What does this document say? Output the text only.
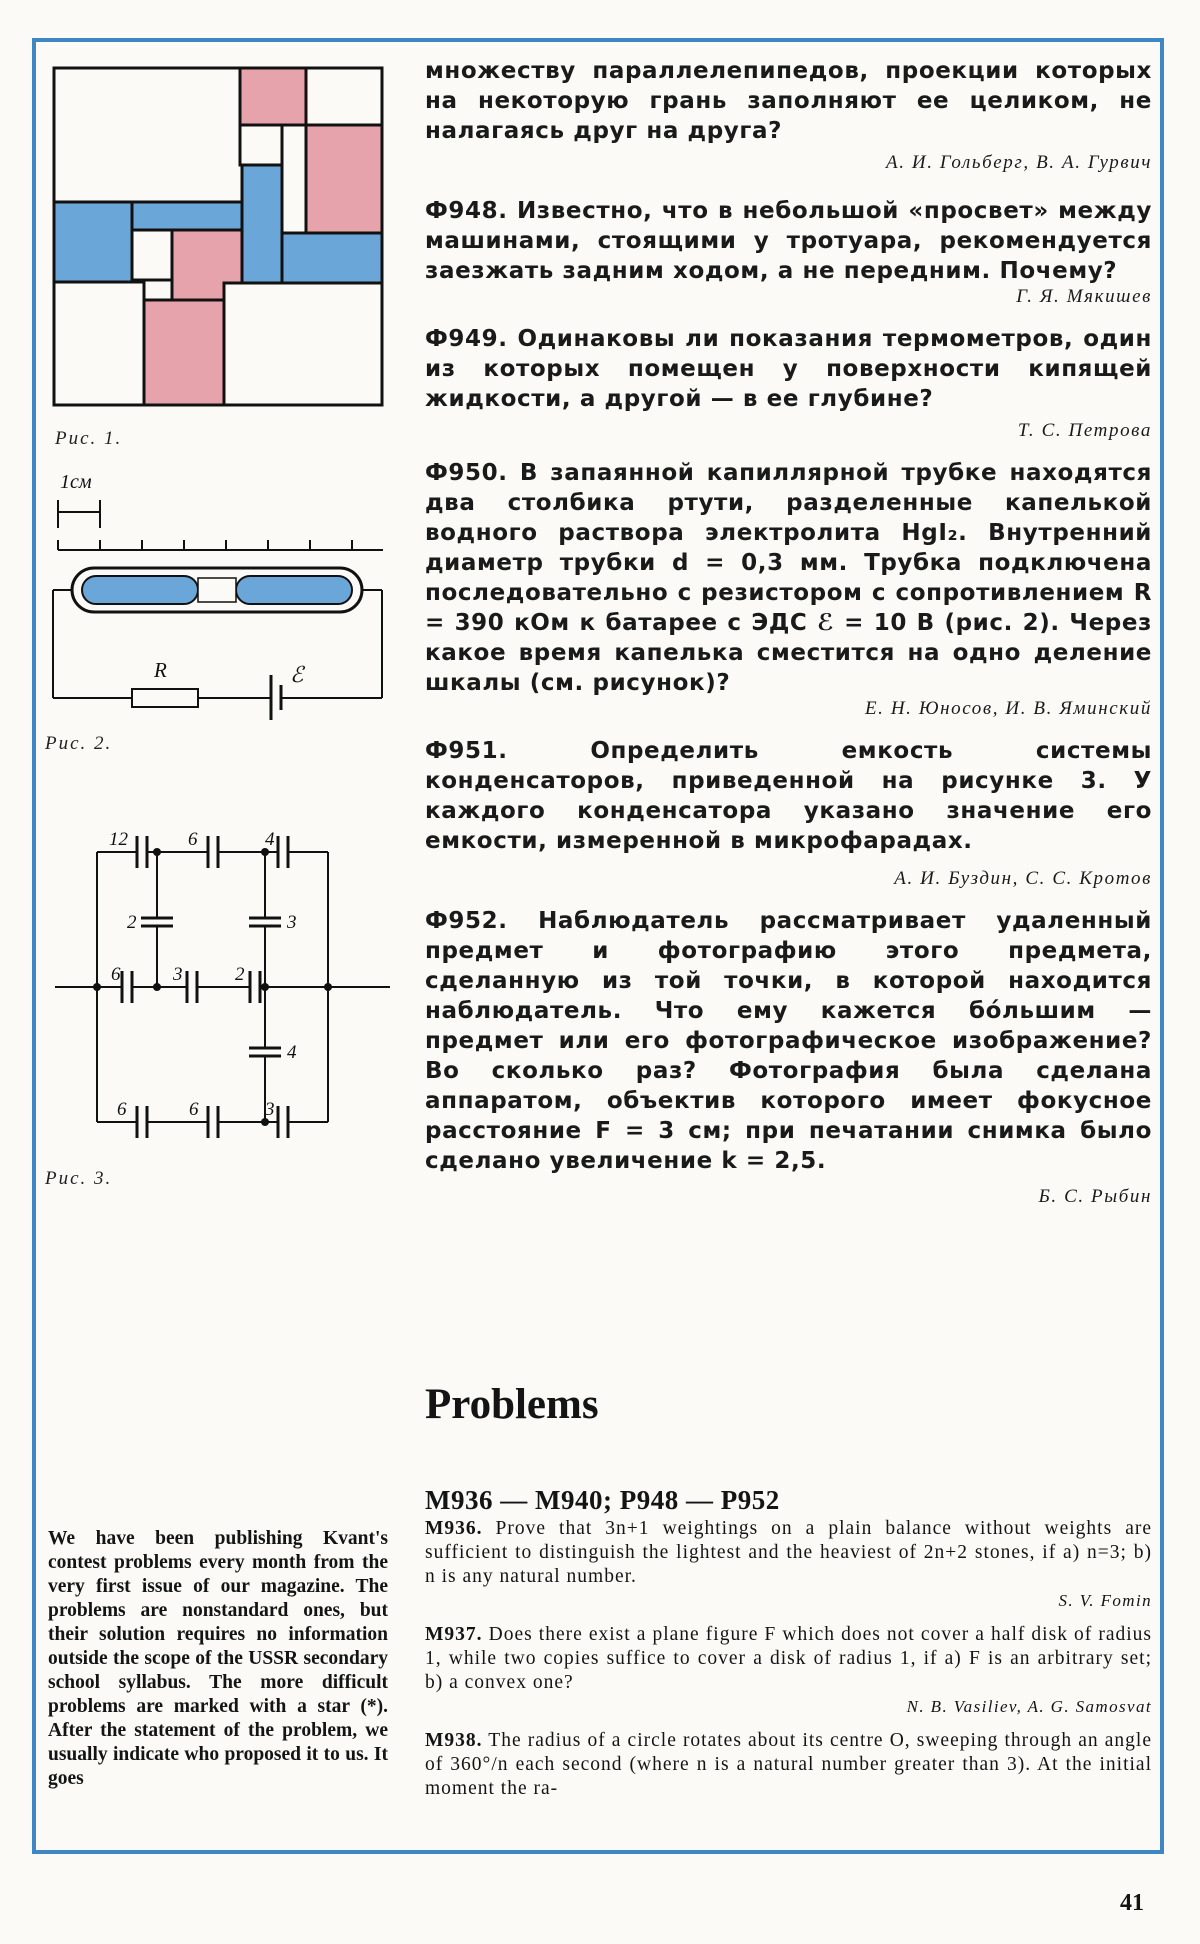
Рис. 1.
1см
R	ℰ
Рис. 2.
12	6	4
2	3
6	3	2
4
6	6	3
Рис. 3.

множеству параллелепипедов, проекции которых на некоторую грань заполняют ее целиком, не налагаясь друг на друга?

А. И. Гольберг, В. А. Гурвич

Ф948. Известно, что в небольшой «просвет» между машинами, стоящими у тротуара, рекомендуется заезжать задним ходом, а не передним. Почему?

Г. Я. Мякишев

Ф949. Одинаковы ли показания термометров, один из которых помещен у поверхности кипящей жидкости, а другой — в ее глубине?

Т. С. Петрова

Ф950. В запаянной капиллярной трубке находятся два столбика ртути, разделенные капелькой водного раствора электролита HgI₂. Внутренний диаметр трубки d = 0,3 мм. Трубка подключена последовательно с резистором с сопротивлением R = 390 кОм к батарее с ЭДС ℰ = 10 В (рис. 2). Через какое время капелька сместится на одно деление шкалы (см. рисунок)?

Е. Н. Юносов, И. В. Яминский

Ф951.	Определить емкость системы конденсаторов, приведенной на рисунке 3. У каждого конденсатора указано значение его емкости, измеренной в микрофарадах.

А. И. Буздин, С. С. Кротов

Ф952. Наблюдатель рассматривает удаленный предмет и фотографию этого предмета, сделанную из той точки, в которой находится наблюдатель. Что ему кажется бóльшим — предмет или его фотографическое изображение? Во сколько раз? Фотография была сделана аппаратом, объектив которого имеет фокусное расстояние F = 3 см; при печатании снимка было сделано увеличение k = 2,5.

Б. С. Рыбин

Problems
M936 — M940; P948 — P952

We have been publishing Kvant's contest problems every month from the very first issue of our magazine. The problems are nonstandard ones, but their solution requires no information outside the scope of the USSR secondary school syllabus. The more difficult problems are marked with a star (*). After the statement of the problem, we usually indicate who proposed it to us. It goes

M936. Prove that 3n+1 weightings on a plain balance without weights are sufficient to distinguish the lightest and the heaviest of 2n+2 stones, if a) n=3; b) n is any natural number.

S. V. Fomin

M937. Does there exist a plane figure F which does not cover a half disk of radius 1, while two copies suffice to cover a disk of radius 1, if a) F is an arbitrary set; b) a convex one?

N. B. Vasiliev, A. G. Samosvat

M938. The radius of a circle rotates about its centre O, sweeping through an angle of 360°/n each second (where n is a natural number greater than 3). At the initial moment the ra-

41
